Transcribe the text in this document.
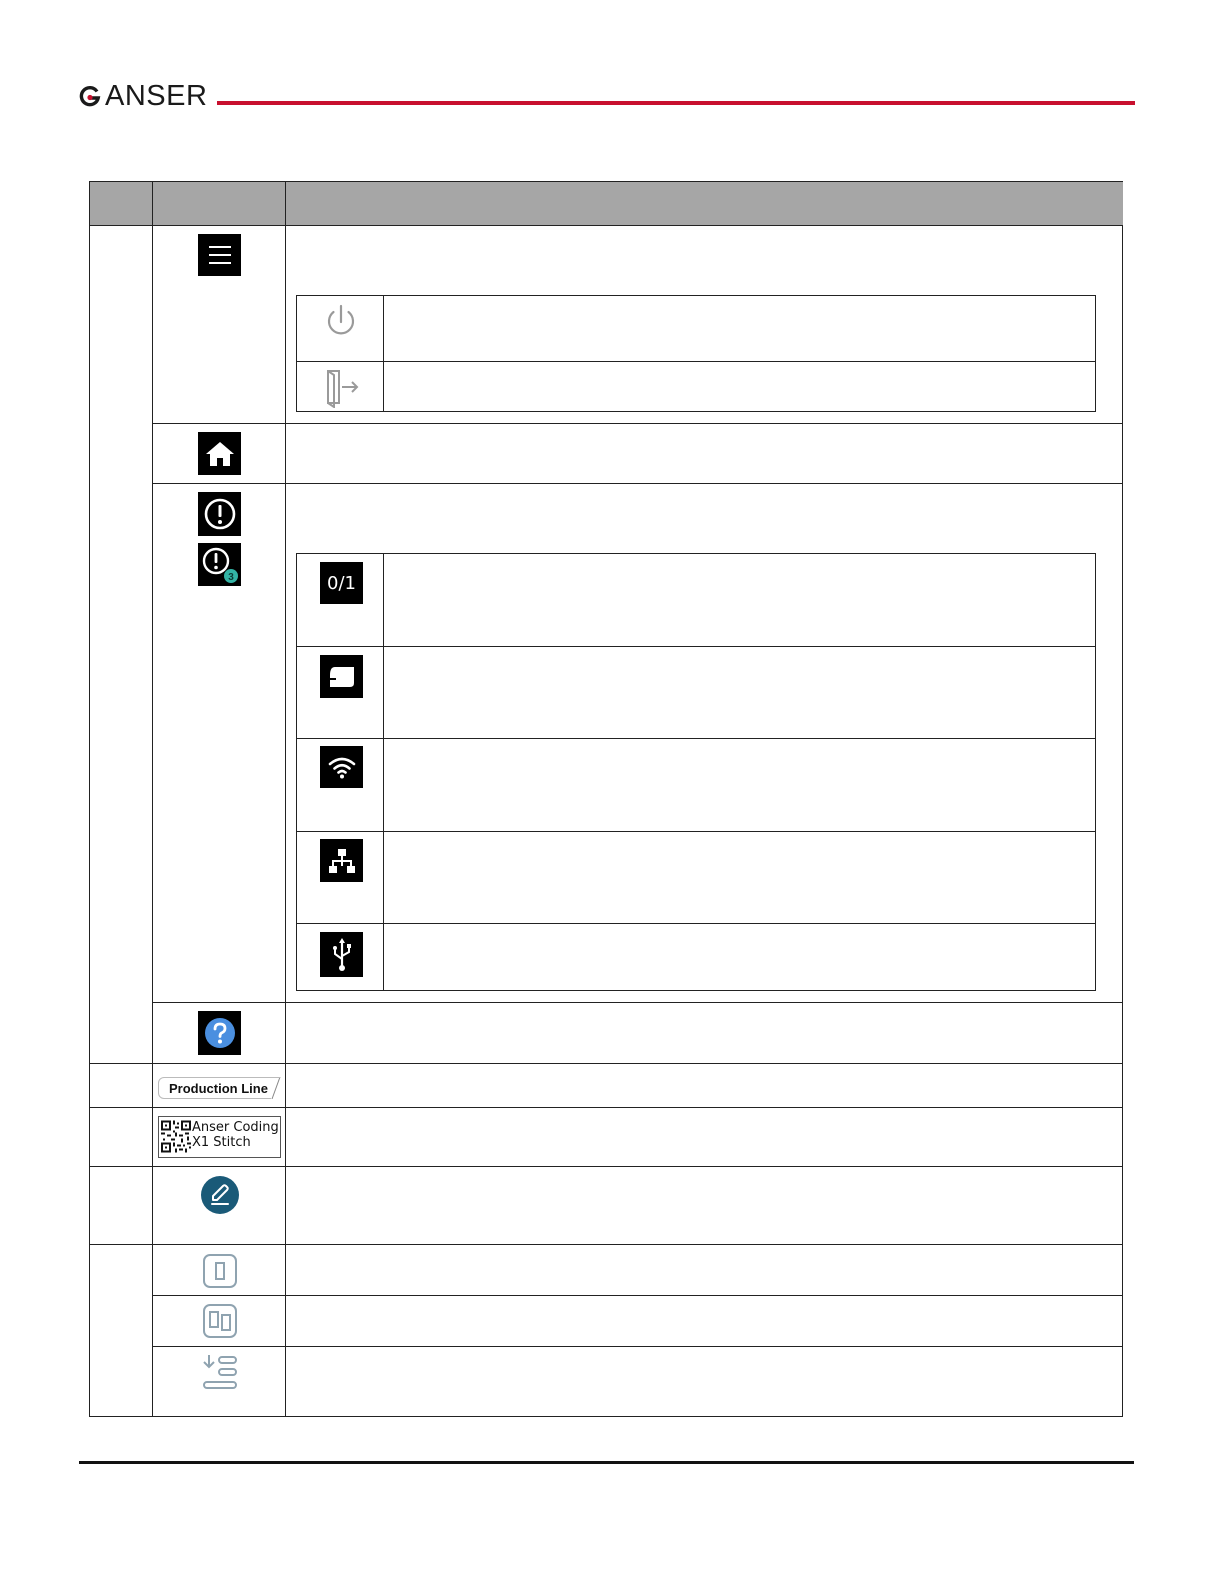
ANSER
3	0/1
Production Line
Anser Coding
X1 Stitch
